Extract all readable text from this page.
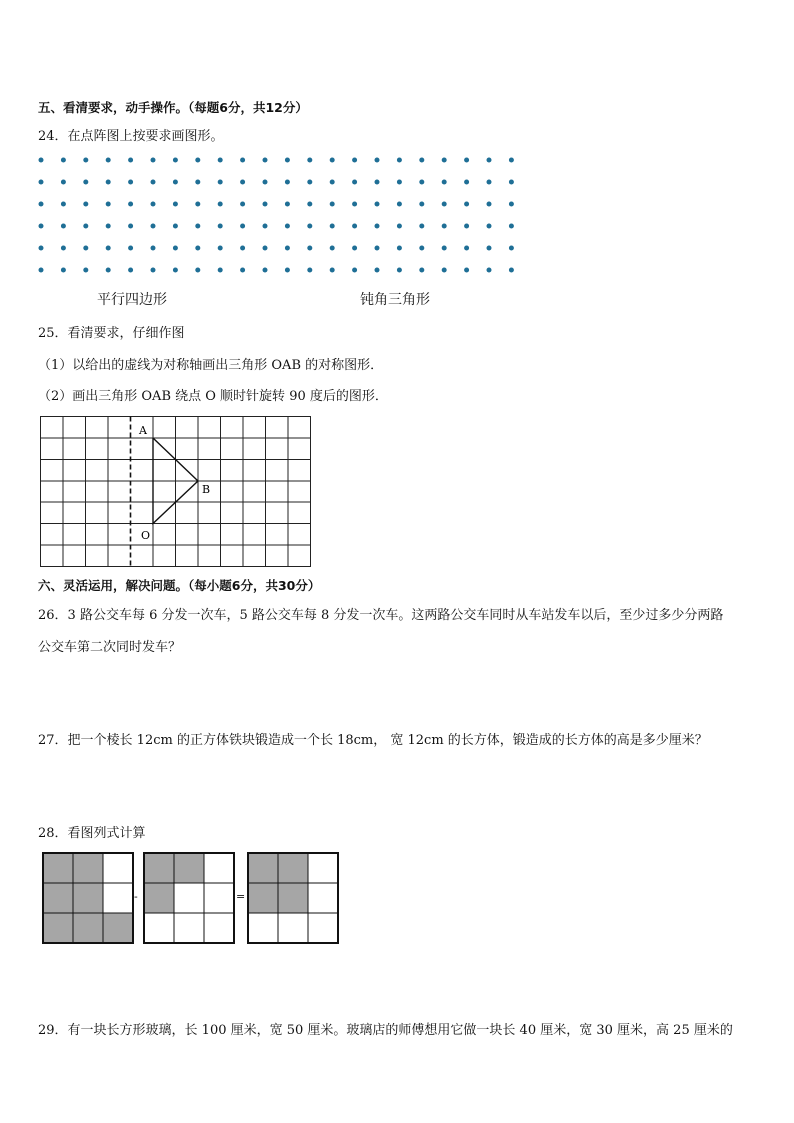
五、看清要求，动手操作。（每题6分，共12分）
24．在点阵图上按要求画图形。
平行四边形	钝角三角形
25．看清要求，仔细作图
（1）以给出的虚线为对称轴画出三角形 OAB 的对称图形．
（2）画出三角形 OAB 绕点 O 顺时针旋转 90 度后的图形．
A
B
O
六、灵活运用，解决问题。（每小题6分，共30分）
26．3 路公交车每 6 分发一次车，5 路公交车每 8 分发一次车。这两路公交车同时从车站发车以后，至少过多少分两路
公交车第二次同时发车？
27．把一个棱长 12cm 的正方体铁块锻造成一个长 18cm， 宽 12cm 的长方体，锻造成的长方体的高是多少厘米？
28．看图列式计算
-	=
29．有一块长方形玻璃，长 100 厘米，宽 50 厘米。玻璃店的师傅想用它做一块长 40 厘米，宽 30 厘米，高 25 厘米的
